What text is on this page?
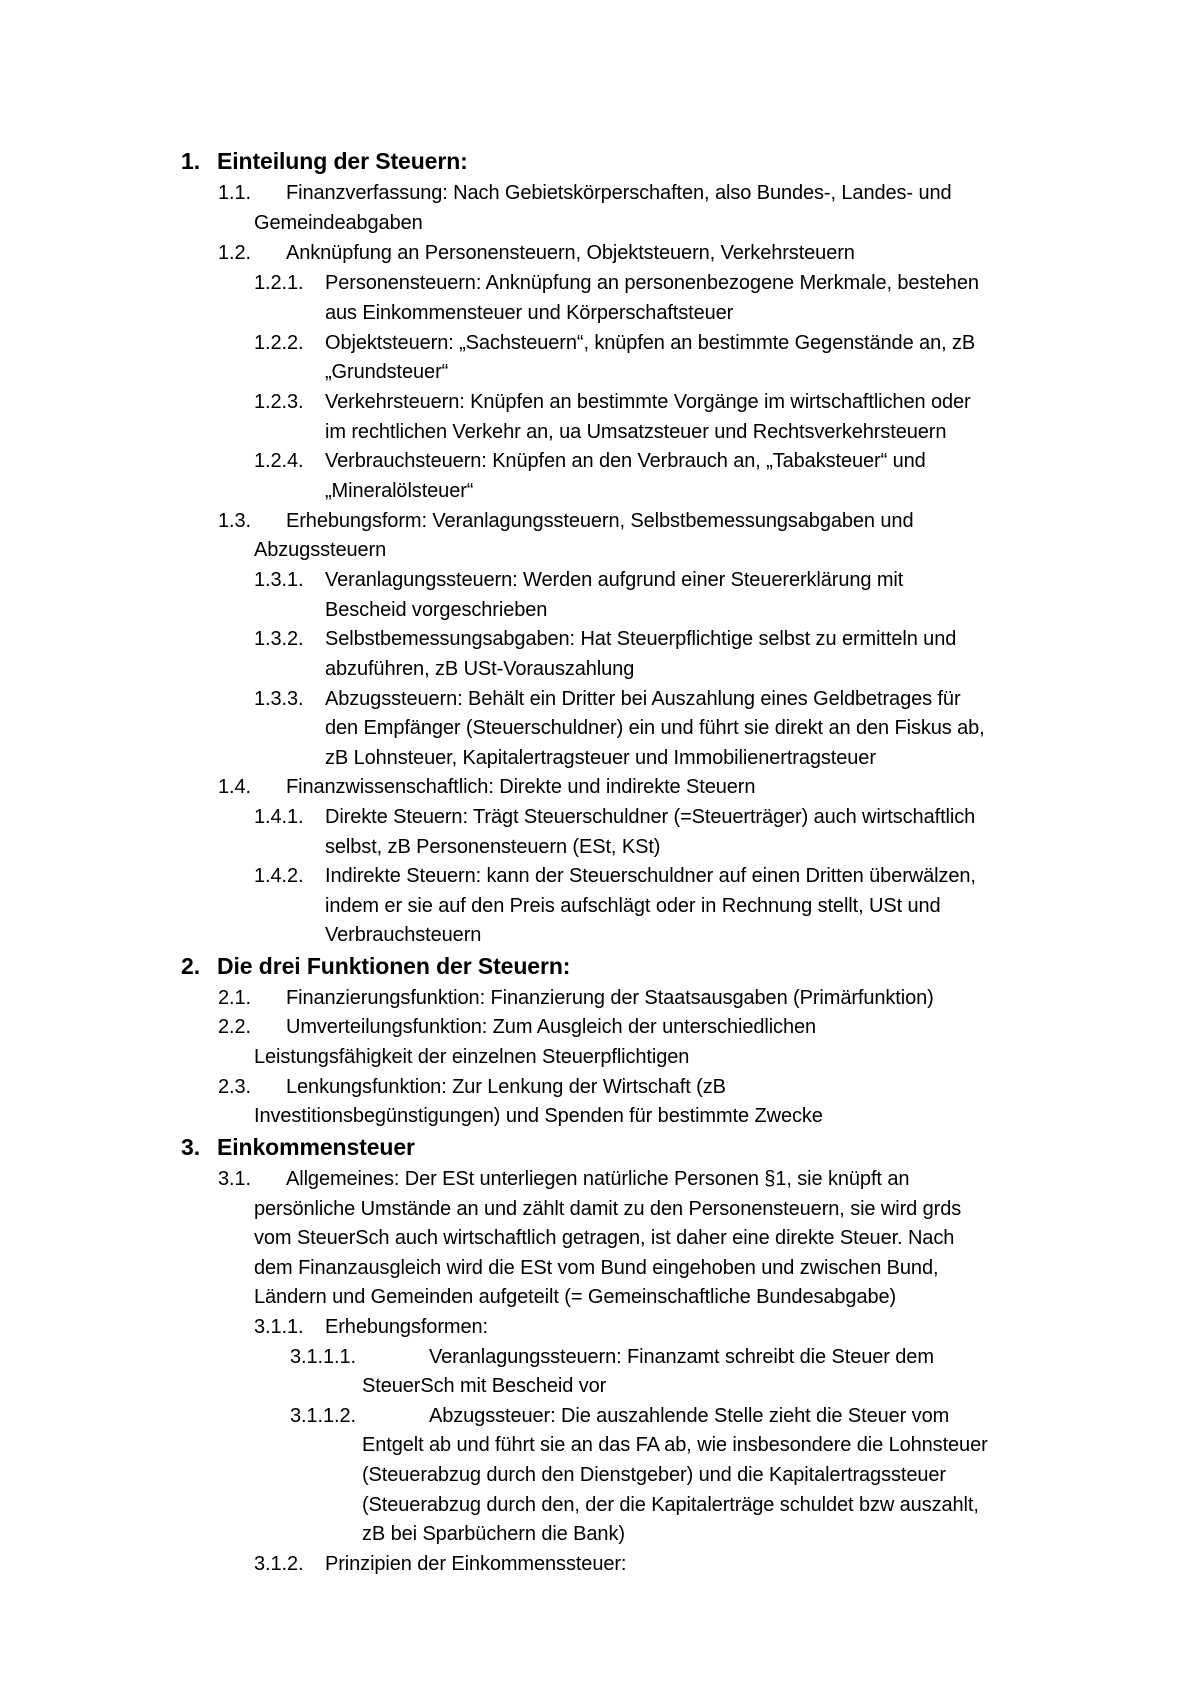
1. Einteilung der Steuern:
1.1. Finanzverfassung: Nach Gebietskörperschaften, also Bundes-, Landes- und
Gemeindeabgaben
1.2. Anknüpfung an Personensteuern, Objektsteuern, Verkehrsteuern
1.2.1. Personensteuern: Anknüpfung an personenbezogene Merkmale, bestehen
aus Einkommensteuer und Körperschaftsteuer
1.2.2. Objektsteuern: „Sachsteuern“, knüpfen an bestimmte Gegenstände an, zB
„Grundsteuer“
1.2.3. Verkehrsteuern: Knüpfen an bestimmte Vorgänge im wirtschaftlichen oder
im rechtlichen Verkehr an, ua Umsatzsteuer und Rechtsverkehrsteuern
1.2.4. Verbrauchsteuern: Knüpfen an den Verbrauch an, „Tabaksteuer“ und
„Mineralölsteuer“
1.3. Erhebungsform: Veranlagungssteuern, Selbstbemessungsabgaben und
Abzugssteuern
1.3.1. Veranlagungssteuern: Werden aufgrund einer Steuererklärung mit
Bescheid vorgeschrieben
1.3.2. Selbstbemessungsabgaben: Hat Steuerpflichtige selbst zu ermitteln und
abzuführen, zB USt-Vorauszahlung
1.3.3. Abzugssteuern: Behält ein Dritter bei Auszahlung eines Geldbetrages für
den Empfänger (Steuerschuldner) ein und führt sie direkt an den Fiskus ab,
zB Lohnsteuer, Kapitalertragsteuer und Immobilienertragsteuer
1.4. Finanzwissenschaftlich: Direkte und indirekte Steuern
1.4.1. Direkte Steuern: Trägt Steuerschuldner (=Steuerträger) auch wirtschaftlich
selbst, zB Personensteuern (ESt, KSt)
1.4.2. Indirekte Steuern: kann der Steuerschuldner auf einen Dritten überwälzen,
indem er sie auf den Preis aufschlägt oder in Rechnung stellt, USt und
Verbrauchsteuern
2. Die drei Funktionen der Steuern:
2.1. Finanzierungsfunktion: Finanzierung der Staatsausgaben (Primärfunktion)
2.2. Umverteilungsfunktion: Zum Ausgleich der unterschiedlichen
Leistungsfähigkeit der einzelnen Steuerpflichtigen
2.3. Lenkungsfunktion: Zur Lenkung der Wirtschaft (zB
Investitionsbegünstigungen) und Spenden für bestimmte Zwecke
3. Einkommensteuer
3.1. Allgemeines: Der ESt unterliegen natürliche Personen §1, sie knüpft an
persönliche Umstände an und zählt damit zu den Personensteuern, sie wird grds
vom SteuerSch auch wirtschaftlich getragen, ist daher eine direkte Steuer. Nach
dem Finanzausgleich wird die ESt vom Bund eingehoben und zwischen Bund,
Ländern und Gemeinden aufgeteilt (= Gemeinschaftliche Bundesabgabe)
3.1.1. Erhebungsformen:
3.1.1.1.	Veranlagungssteuern: Finanzamt schreibt die Steuer dem
SteuerSch mit Bescheid vor
3.1.1.2.	Abzugssteuer: Die auszahlende Stelle zieht die Steuer vom
Entgelt ab und führt sie an das FA ab, wie insbesondere die Lohnsteuer
(Steuerabzug durch den Dienstgeber) und die Kapitalertragssteuer
(Steuerabzug durch den, der die Kapitalerträge schuldet bzw auszahlt,
zB bei Sparbüchern die Bank)
3.1.2. Prinzipien der Einkommenssteuer:
